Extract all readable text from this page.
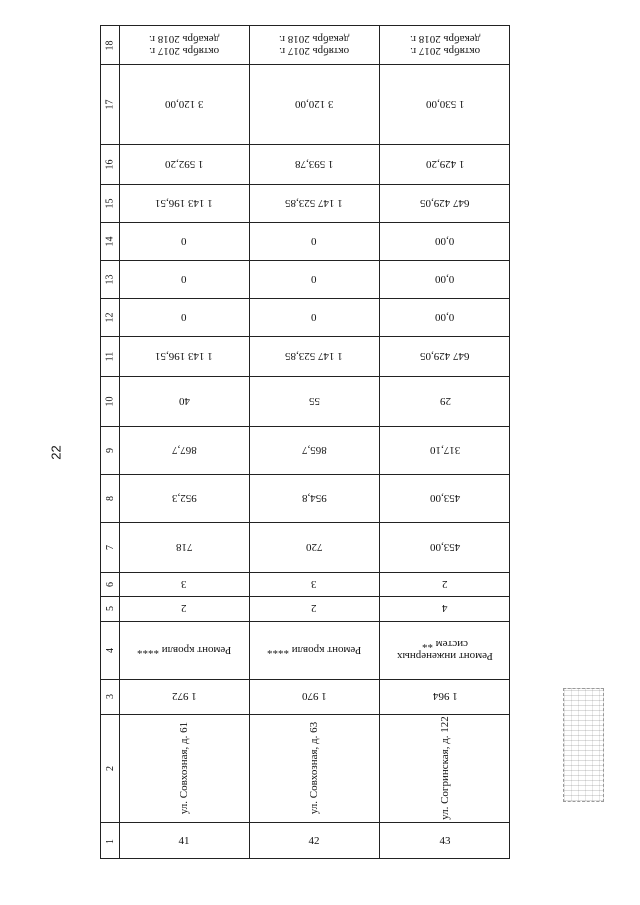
22
18
17
16
15
14
13
12
11
10
9
8
7
6
5
4
3
2
1
октябрь 2017 г.
декабрь 2018 г.
3 120,00
1 592,20
1 143 196,51
0
0
0
1 143 196,51
40
867,7
952,3
718
3
2
Ремонт кровли ****
1 972
ул. Совхозная, д. 61
41
октябрь 2017 г.
декабрь 2018 г.
3 120,00
1 593,78
1 147 523,85
0
0
0
1 147 523,85
55
865,7
954,8
720
3
2
Ремонт кровли ****
1 970
ул. Совхозная, д. 63
42
октябрь 2017 г.
декабрь 2018 г.
1 530,00
1 429,20
647 429,05
0,00
0,00
0,00
647 429,05
29
317,10
453,00
453,00
2
4
Ремонт инженерных
систем **
1 964
ул. Согринская, д. 122
43
